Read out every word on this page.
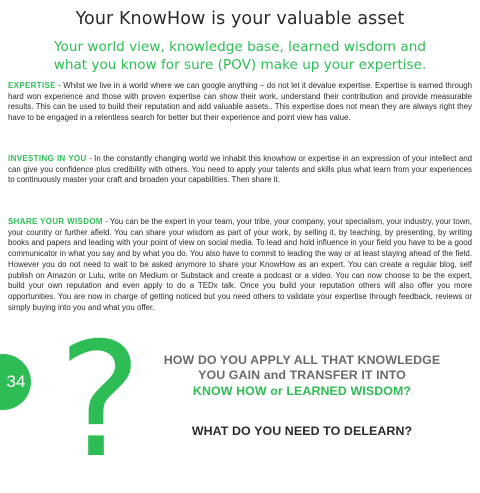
Your KnowHow is your valuable asset
Your world view, knowledge base, learned wisdom and what you know for sure (POV) make up your expertise.
EXPERTISE - Whilst we live in a world where we can google anything – do not let it devalue expertise. Expertise is earned through hard won experience and those with proven expertise can show their work, understand their contribution and provide measurable results. This can be used to build their reputation and add valuable assets.. This expertise does not mean they are always right they have to be engaged in a relentless search for better but their experience and point view has value.
INVESTING IN YOU - In the constantly changing world we inhabit this knowhow or expertise in an expression of your intellect and can give you confidence plus credibility with others. You need to apply your talents and skills plus what learn from your experiences to continuously master your craft and broaden your capabilities. Then share it.
SHARE YOUR WISDOM - You can be the expert in your team, your tribe, your company, your specialism, your industry, your town, your country or further afield. You can share your wisdom as part of your work, by selling it, by teaching, by presenting, by writing books and papers and leading with your point of view on social media. To lead and hold influence in your field you have to be a good communicator in what you say and by what you do. You also have to commit to leading the way or at least staying ahead of the field. However you do not need to wait to be asked anymore to share your KnowHow as an expert. You can create a regular blog, self publish on Amazon or Lulu, write on Medium or Substack and create a podcast or a video. You can now choose to be the expert, build your own reputation and even apply to do a TEDx talk. Once you build your reputation others will also offer you more opportunities. You are now in charge of getting noticed but you need others to validate your expertise through feedback, reviews or simply buying into you and what you offer.
?
34
HOW DO YOU APPLY ALL THAT KNOWLEDGE
YOU GAIN and TRANSFER IT INTO
KNOW HOW or LEARNED WISDOM?
WHAT DO YOU NEED TO DELEARN?
